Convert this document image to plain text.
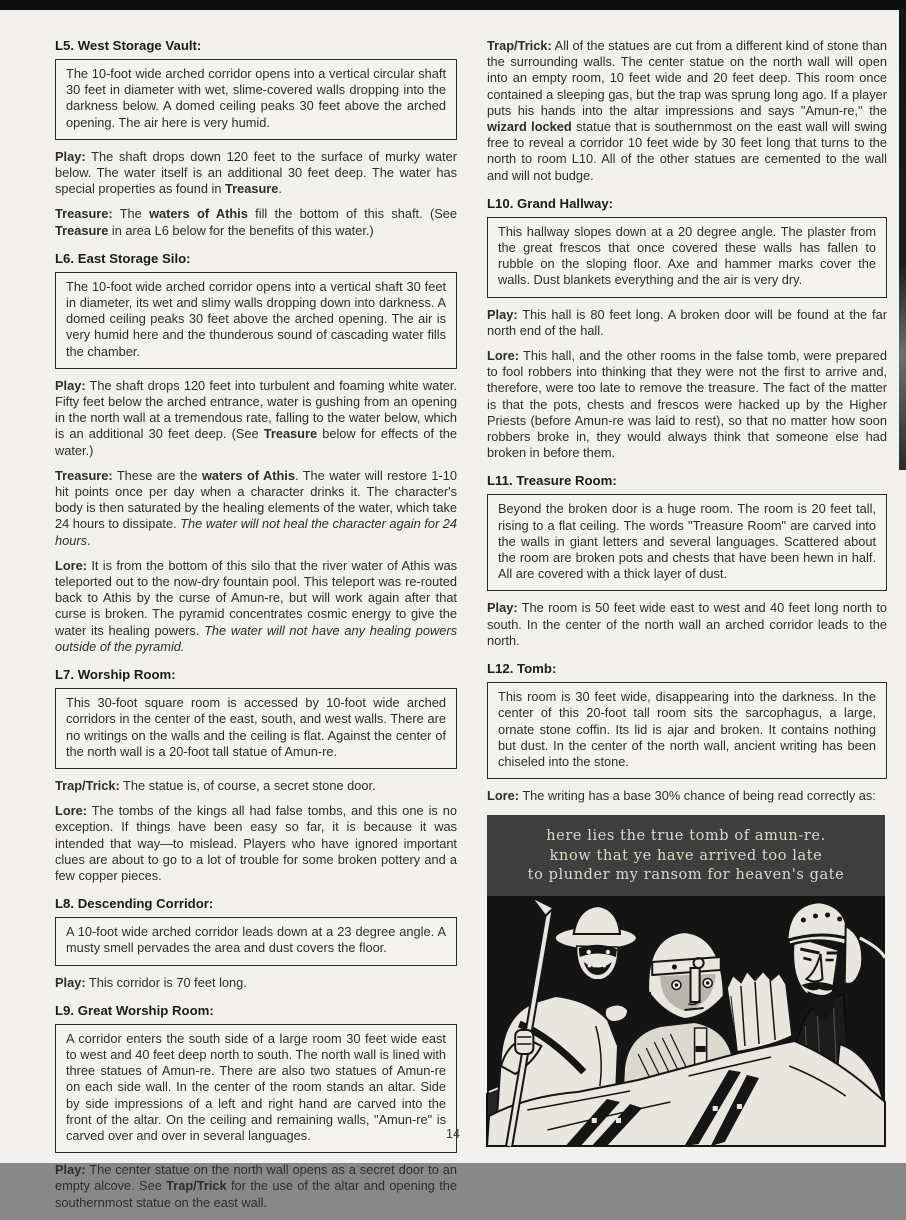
L5. West Storage Vault:

The 10-foot wide arched corridor opens into a vertical circular shaft 30 feet in diameter with wet, slime-covered walls dropping into the darkness below. A domed ceiling peaks 30 feet above the arched opening. The air here is very humid.

Play: The shaft drops down 120 feet to the surface of murky water below. The water itself is an additional 30 feet deep. The water has special properties as found in Treasure.

Treasure: The waters of Athis fill the bottom of this shaft. (See Treasure in area L6 below for the benefits of this water.)

L6. East Storage Silo:

The 10-foot wide arched corridor opens into a vertical shaft 30 feet in diameter, its wet and slimy walls dropping down into darkness. A domed ceiling peaks 30 feet above the arched opening. The air is very humid here and the thunderous sound of cascading water fills the chamber.

Play: The shaft drops 120 feet into turbulent and foaming white water. Fifty feet below the arched entrance, water is gushing from an opening in the north wall at a tremendous rate, falling to the water below, which is an additional 30 feet deep. (See Treasure below for effects of the water.)

Treasure: These are the waters of Athis. The water will restore 1-10 hit points once per day when a character drinks it. The character's body is then saturated by the healing elements of the water, which take 24 hours to dissipate. The water will not heal the character again for 24 hours.

Lore: It is from the bottom of this silo that the river water of Athis was teleported out to the now-dry fountain pool. This teleport was re-routed back to Athis by the curse of Amun-re, but will work again after that curse is broken. The pyramid concentrates cosmic energy to give the water its healing powers. The water will not have any healing powers outside of the pyramid.

L7. Worship Room:

This 30-foot square room is accessed by 10-foot wide arched corridors in the center of the east, south, and west walls. There are no writings on the walls and the ceiling is flat. Against the center of the north wall is a 20-foot tall statue of Amun-re.

Trap/Trick: The statue is, of course, a secret stone door.

Lore: The tombs of the kings all had false tombs, and this one is no exception. If things have been easy so far, it is because it was intended that way—to mislead. Players who have ignored important clues are about to go to a lot of trouble for some broken pottery and a few copper pieces.

L8. Descending Corridor:

A 10-foot wide arched corridor leads down at a 23 degree angle. A musty smell pervades the area and dust covers the floor.

Play: This corridor is 70 feet long.

L9. Great Worship Room:

A corridor enters the south side of a large room 30 feet wide east to west and 40 feet deep north to south. The north wall is lined with three statues of Amun-re. There are also two statues of Amun-re on each side wall. In the center of the room stands an altar. Side by side impressions of a left and right hand are carved into the front of the altar. On the ceiling and remaining walls, "Amun-re" is carved over and over in several languages.

Play: The center statue on the north wall opens as a secret door to an empty alcove. See Trap/Trick for the use of the altar and opening the southernmost statue on the east wall.

Trap/Trick: All of the statues are cut from a different kind of stone than the surrounding walls. The center statue on the north wall will open into an empty room, 10 feet wide and 20 feet deep. This room once contained a sleeping gas, but the trap was sprung long ago. If a player puts his hands into the altar impressions and says "Amun-re," the wizard locked statue that is southernmost on the east wall will swing free to reveal a corridor 10 feet wide by 30 feet long that turns to the north to room L10. All of the other statues are cemented to the wall and will not budge.

L10. Grand Hallway:

This hallway slopes down at a 20 degree angle. The plaster from the great frescos that once covered these walls has fallen to rubble on the sloping floor. Axe and hammer marks cover the walls. Dust blankets everything and the air is very dry.

Play: This hall is 80 feet long. A broken door will be found at the far north end of the hall.

Lore: This hall, and the other rooms in the false tomb, were prepared to fool robbers into thinking that they were not the first to arrive and, therefore, were too late to remove the treasure. The fact of the matter is that the pots, chests and frescos were hacked up by the Higher Priests (before Amun-re was laid to rest), so that no matter how soon robbers broke in, they would always think that someone else had broken in before them.

L11. Treasure Room:

Beyond the broken door is a huge room. The room is 20 feet tall, rising to a flat ceiling. The words "Treasure Room" are carved into the walls in giant letters and several languages. Scattered about the room are broken pots and chests that have been hewn in half. All are covered with a thick layer of dust.

Play: The room is 50 feet wide east to west and 40 feet long north to south. In the center of the north wall an arched corridor leads to the north.

L12. Tomb:

This room is 30 feet wide, disappearing into the darkness. In the center of this 20-foot tall room sits the sarcophagus, a large, ornate stone coffin. Its lid is ajar and broken. It contains nothing but dust. In the center of the north wall, ancient writing has been chiseled into the stone.

Lore: The writing has a base 30% chance of being read correctly as:

here lies the true tomb of amun-re.
know that ye have arrived too late
to plunder my ransom for heaven's gate
14
